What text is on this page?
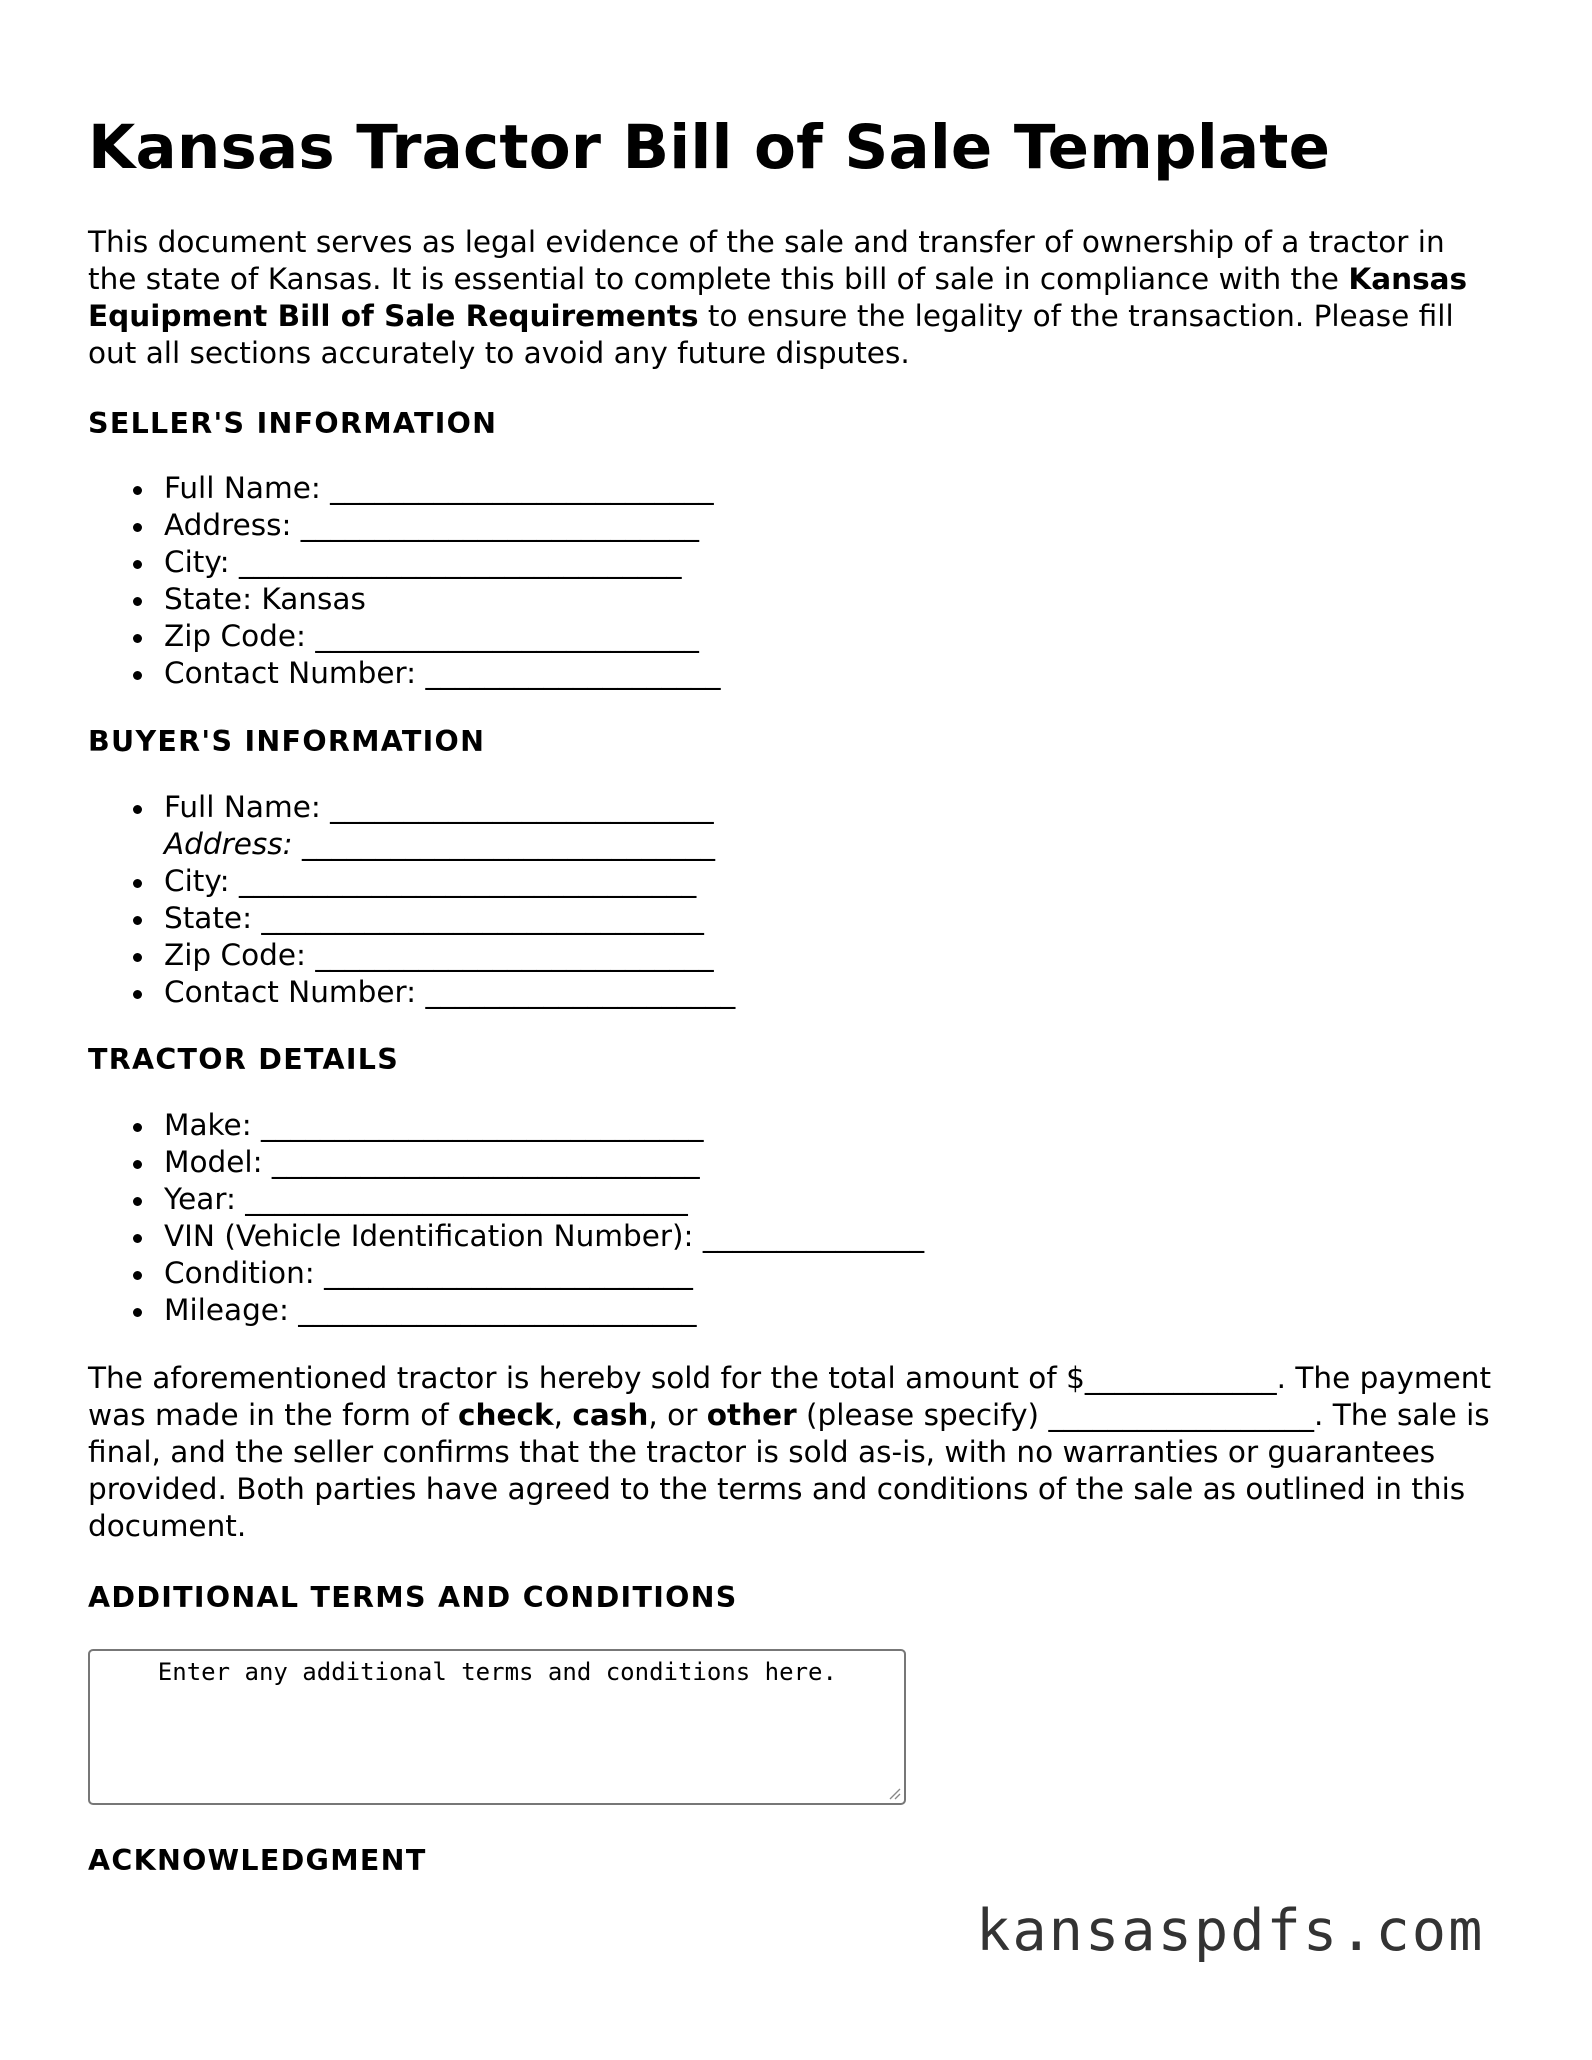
Kansas Tractor Bill of Sale Template

This document serves as legal evidence of the sale and transfer of ownership of a tractor in the state of Kansas. It is essential to complete this bill of sale in compliance with the Kansas Equipment Bill of Sale Requirements to ensure the legality of the transaction. Please fill out all sections accurately to avoid any future disputes.

SELLER'S INFORMATION
Full Name: __________________________
Address: ___________________________
City: ______________________________
State: Kansas
Zip Code: __________________________
Contact Number: ____________________
BUYER'S INFORMATION
Full Name: __________________________
Address: ____________________________
City: _______________________________
State: ______________________________
Zip Code: ___________________________
Contact Number: _____________________
TRACTOR DETAILS
Make: ______________________________
Model: _____________________________
Year: ______________________________
VIN (Vehicle Identification Number): _______________
Condition: _________________________
Mileage: ___________________________

The aforementioned tractor is hereby sold for the total amount of $_____________. The payment was made in the form of check, cash, or other (please specify) __________________. The sale is final, and the seller confirms that the tractor is sold as-is, with no warranties or guarantees provided. Both parties have agreed to the terms and conditions of the sale as outlined in this document.

ADDITIONAL TERMS AND CONDITIONS
Enter any additional terms and conditions here.
ACKNOWLEDGMENT
kansaspdfs.com
